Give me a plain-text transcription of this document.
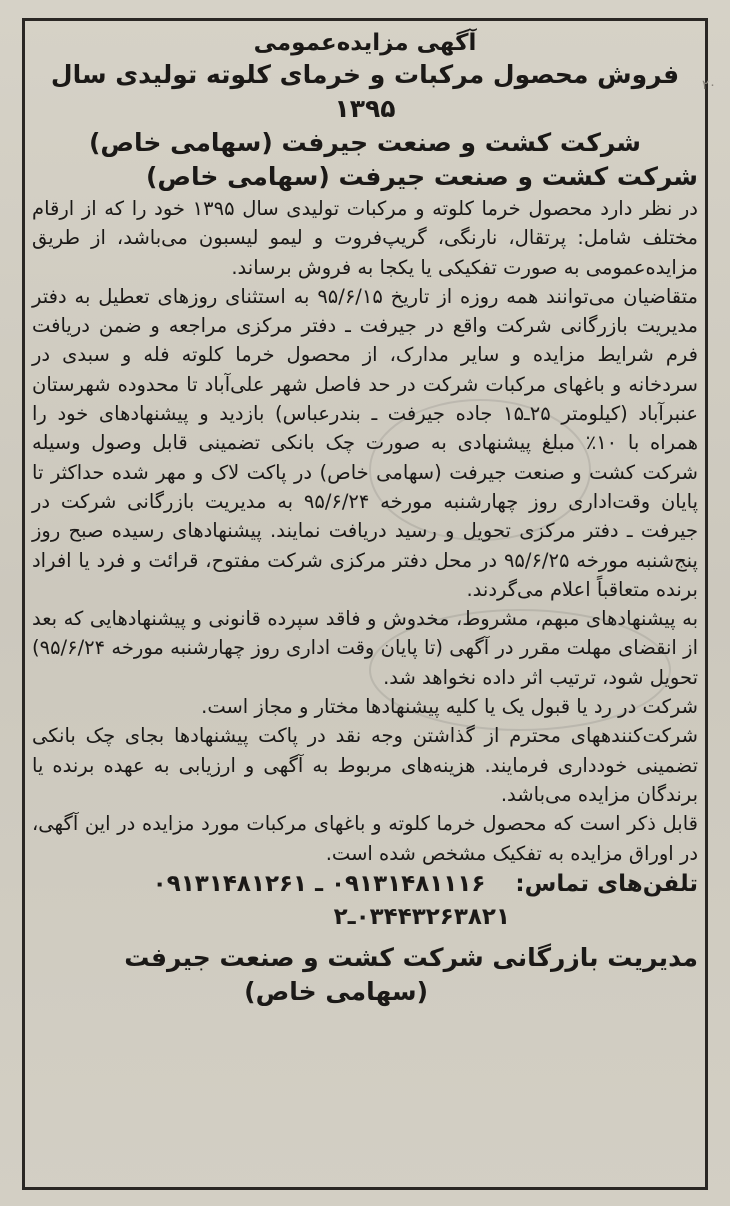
۲۰

آگهی مزایده‌عمومی

فروش محصول مرکبات و خرمای کلوته تولیدی سال ۱۳۹۵

شرکت کشت و صنعت جیرفت (سهامی خاص)

شرکت کشت و صنعت جیرفت (سهامی خاص)

در نظر دارد محصول خرما کلوته و مرکبات تولیدی سال ۱۳۹۵ خود را که از ارقام مختلف شامل: پرتقال، نارنگی، گریپ‌فروت و لیمو لیسبون می‌باشد، از طریق مزایده‌عمومی به صورت تفکیکی یا یکجا به فروش برساند.

متقاضیان می‌توانند همه روزه از تاریخ ۹۵/۶/۱۵ به استثنای روزهای تعطیل به دفتر مدیریت بازرگانی شرکت واقع در جیرفت ـ دفتر مرکزی مراجعه و ضمن دریافت فرم شرایط مزایده و سایر مدارک، از محصول خرما کلوته فله و سبدی در سردخانه و باغهای مرکبات شرکت در حد فاصل شهر علی‌آباد تا محدوده شهرستان عنبرآباد (کیلومتر ۲۵ـ۱۵ جاده جیرفت ـ بندرعباس) بازدید و پیشنهادهای خود را همراه با ۱۰٪ مبلغ پیشنهادی به صورت چک بانکی تضمینی قابل وصول وسیله شرکت کشت و صنعت جیرفت (سهامی خاص) در پاکت لاک و مهر شده حداکثر تا پایان وقت‌اداری روز چهارشنبه مورخه ۹۵/۶/۲۴ به مدیریت بازرگانی شرکت در جیرفت ـ دفتر مرکزی تحویل و رسید دریافت نمایند. پیشنهادهای رسیده صبح روز پنج‌شنبه مورخه ۹۵/۶/۲۵ در محل دفتر مرکزی شرکت مفتوح، قرائت و فرد یا افراد برنده متعاقباً اعلام می‌گردند.

به پیشنهادهای مبهم، مشروط، مخدوش و فاقد سپرده قانونی و پیشنهادهایی که بعد از انقضای مهلت مقرر در آگهی (تا پایان وقت اداری روز چهارشنبه مورخه ۹۵/۶/۲۴) تحویل شود، ترتیب اثر داده نخواهد شد.

شرکت در رد یا قبول یک یا کلیه پیشنهادها مختار و مجاز است.

شرکت‌کنندههای محترم از گذاشتن وجه نقد در پاکت پیشنهادها بجای چک بانکی تضمینی خودداری فرمایند. هزینه‌های مربوط به آگهی و ارزیابی به عهده برنده یا برندگان مزایده می‌باشد.

قابل ذکر است که محصول خرما کلوته و باغهای مرکبات مورد مزایده در این آگهی، در اوراق مزایده به تفکیک مشخص شده است.

تلفن‌های تماس: ۰۹۱۳۱۴۸۱۱۱۶ ـ ۰۹۱۳۱۴۸۱۲۶۱

۰۳۴۴۳۲۶۳۸۲۱ـ۲

مدیریت بازرگانی شرکت کشت و صنعت جیرفت

(سهامی خاص)
